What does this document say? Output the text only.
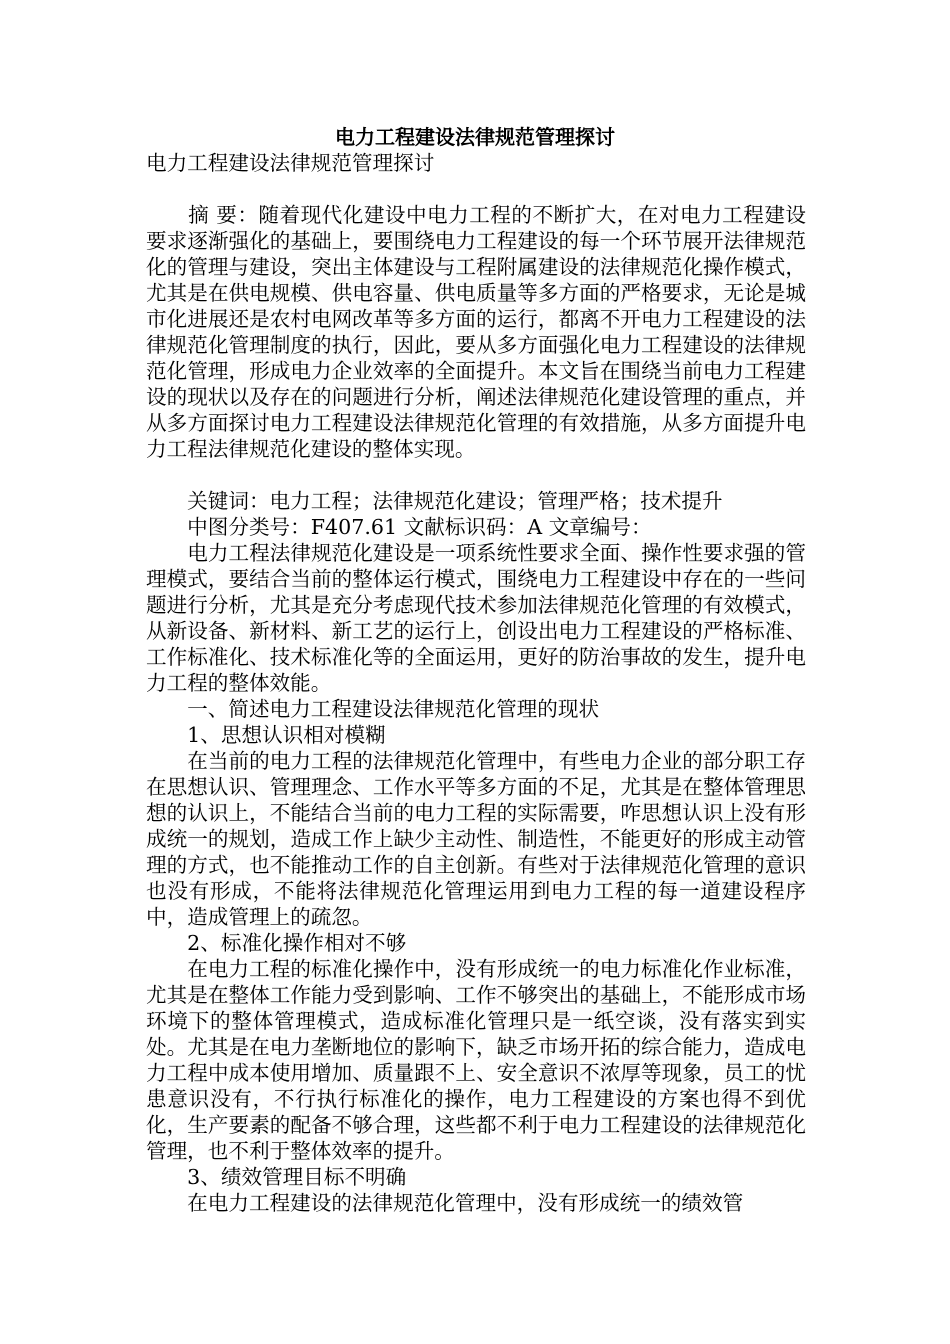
电力工程建设法律规范管理探讨

电力工程建设法律规范管理探讨

　　摘 要：随着现代化建设中电力工程的不断扩大，在对电力工程建设要求逐渐强化的基础上，要围绕电力工程建设的每一个环节展开法律规范化的管理与建设，突出主体建设与工程附属建设的法律规范化操作模式，尤其是在供电规模、供电容量、供电质量等多方面的严格要求，无论是城市化进展还是农村电网改革等多方面的运行，都离不开电力工程建设的法律规范化管理制度的执行，因此，要从多方面强化电力工程建设的法律规范化管理，形成电力企业效率的全面提升。本文旨在围绕当前电力工程建设的现状以及存在的问题进行分析，阐述法律规范化建设管理的重点，并从多方面探讨电力工程建设法律规范化管理的有效措施，从多方面提升电力工程法律规范化建设的整体实现。

　　关键词：电力工程；法律规范化建设；管理严格；技术提升

　　中图分类号：F407.61 文献标识码：A 文章编号：

　　电力工程法律规范化建设是一项系统性要求全面、操作性要求强的管理模式，要结合当前的整体运行模式，围绕电力工程建设中存在的一些问题进行分析，尤其是充分考虑现代技术参加法律规范化管理的有效模式，从新设备、新材料、新工艺的运行上，创设出电力工程建设的严格标准、工作标准化、技术标准化等的全面运用，更好的防治事故的发生，提升电力工程的整体效能。

　　一、简述电力工程建设法律规范化管理的现状

　　1、思想认识相对模糊

　　在当前的电力工程的法律规范化管理中，有些电力企业的部分职工存在思想认识、管理理念、工作水平等多方面的不足，尤其是在整体管理思想的认识上，不能结合当前的电力工程的实际需要，咋思想认识上没有形成统一的规划，造成工作上缺少主动性、制造性，不能更好的形成主动管理的方式，也不能推动工作的自主创新。有些对于法律规范化管理的意识也没有形成，不能将法律规范化管理运用到电力工程的每一道建设程序中，造成管理上的疏忽。

　　2、标准化操作相对不够

　　在电力工程的标准化操作中，没有形成统一的电力标准化作业标准，尤其是在整体工作能力受到影响、工作不够突出的基础上，不能形成市场环境下的整体管理模式，造成标准化管理只是一纸空谈，没有落实到实处。尤其是在电力垄断地位的影响下，缺乏市场开拓的综合能力，造成电力工程中成本使用增加、质量跟不上、安全意识不浓厚等现象，员工的忧患意识没有，不行执行标准化的操作，电力工程建设的方案也得不到优化，生产要素的配备不够合理，这些都不利于电力工程建设的法律规范化管理，也不利于整体效率的提升。

　　3、绩效管理目标不明确

　　在电力工程建设的法律规范化管理中，没有形成统一的绩效管
